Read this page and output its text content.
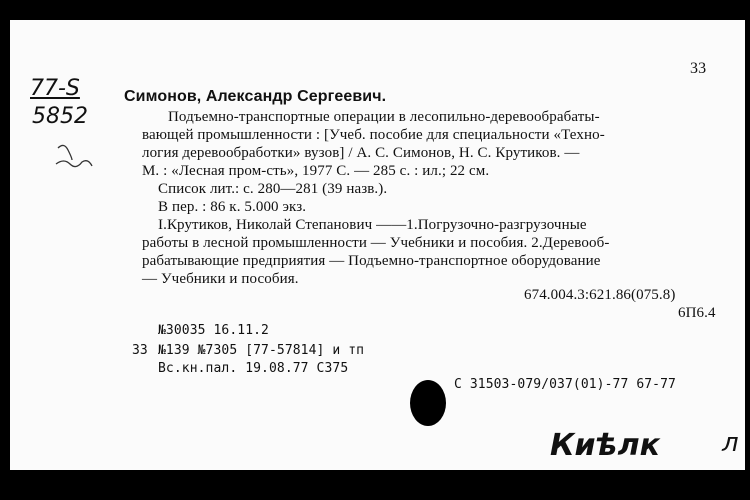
33
77-S
5852
Симонов, Александр Сергеевич.
Подъемно-транспортные операции в лесопильно-деревообрабаты-
вающей промышленности : [Учеб. пособие для специальности «Техно-
логия деревообработки» вузов] / А. С. Симонов, Н. С. Крутиков. —
М. : «Лесная пром-сть», 1977 С. — 285 с. : ил.; 22 см.
Список лит.: с. 280—281 (39 назв.).
В пер. : 86 к. 5.000 экз.
I.Крутиков, Николай Степанович ——1.Погрузочно-разгрузочные
работы в лесной промышленности — Учебники и пособия. 2.Деревооб-
рабатывающие предприятия — Подъемно-транспортное оборудование
— Учебники и пособия.
674.004.3:621.86(075.8)
6П6.4
№30035 16.11.2
33 №139 №7305 [77-57814] и тп
Вс.кн.пал. 19.08.77 С375
С 31503-079/037(01)-77 67-77
Киѣлк л
